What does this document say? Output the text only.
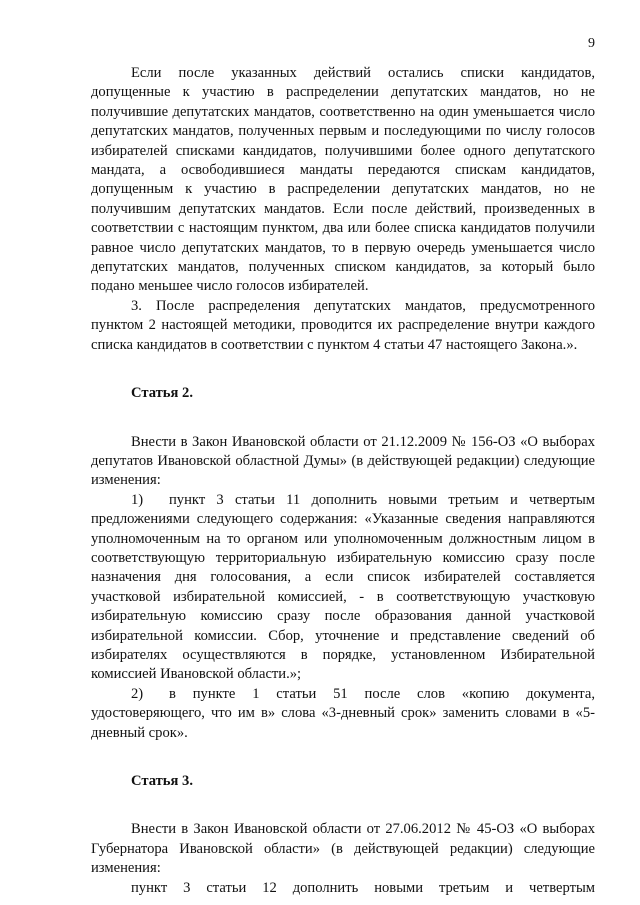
9

Если после указанных действий остались списки кандидатов, допущенные к участию в распределении депутатских мандатов, но не получившие депутатских мандатов, соответственно на один уменьшается число депутатских мандатов, полученных первым и последующими по числу голосов избирателей списками кандидатов, получившими более одного депутатского мандата, а освободившиеся мандаты передаются спискам кандидатов, допущенным к участию в распределении депутатских мандатов, но не получившим депутатских мандатов. Если после действий, произведенных в соответствии с настоящим пунктом, два или более списка кандидатов получили равное число депутатских мандатов, то в первую очередь уменьшается число депутатских мандатов, полученных списком кандидатов, за который было подано меньшее число голосов избирателей.

3. После распределения депутатских мандатов, предусмотренного пунктом 2 настоящей методики, проводится их распределение внутри каждого списка кандидатов в соответствии с пунктом 4 статьи 47 настоящего Закона.».

Статья 2.

Внести в Закон Ивановской области от 21.12.2009 № 156-ОЗ «О выборах депутатов Ивановской областной Думы» (в действующей редакции) следующие изменения:

1) пункт 3 статьи 11 дополнить новыми третьим и четвертым предложениями следующего содержания: «Указанные сведения направляются уполномоченным на то органом или уполномоченным должностным лицом в соответствующую территориальную избирательную комиссию сразу после назначения дня голосования, а если список избирателей составляется участковой избирательной комиссией, - в соответствующую участковую избирательную комиссию сразу после образования данной участковой избирательной комиссии. Сбор, уточнение и представление сведений об избирателях осуществляются в порядке, установленном Избирательной комиссией Ивановской области.»;

2) в пункте 1 статьи 51 после слов «копию документа, удостоверяющего, что им в» слова «3-дневный срок» заменить словами в «5-дневный срок».

Статья 3.

Внести в Закон Ивановской области от 27.06.2012 № 45-ОЗ «О выборах Губернатора Ивановской области» (в действующей редакции) следующие изменения:

пункт 3 статьи 12 дополнить новыми третьим и четвертым
